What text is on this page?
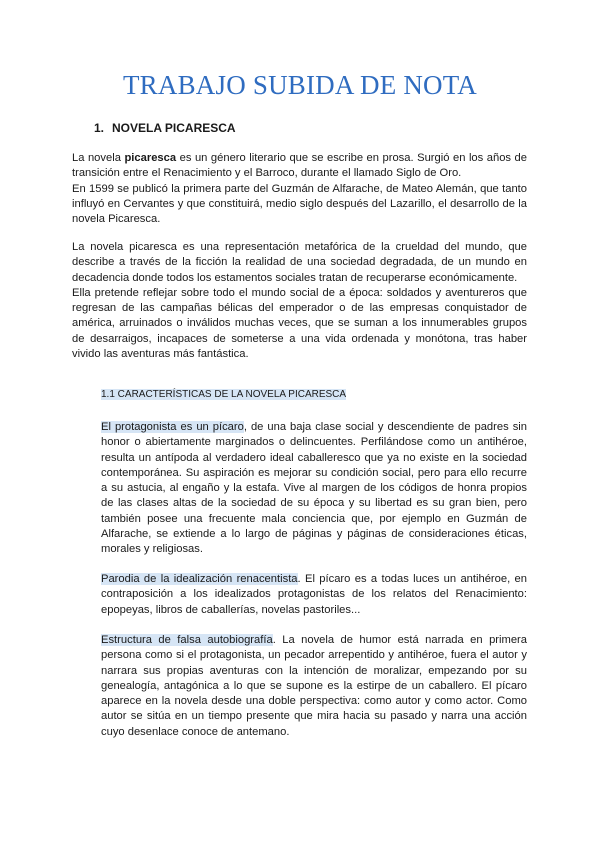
TRABAJO SUBIDA DE NOTA
1. NOVELA PICARESCA

La novela picaresca es un género literario que se escribe en prosa. Surgió en los años de transición entre el Renacimiento y el Barroco, durante el llamado Siglo de Oro.

En 1599 se publicó la primera parte del Guzmán de Alfarache, de Mateo Alemán, que tanto influyó en Cervantes y que constituirá, medio siglo después del Lazarillo, el desarrollo de la novela Picaresca.

La novela picaresca es una representación metafórica de la crueldad del mundo, que describe a través de la ficción la realidad de una sociedad degradada, de un mundo en decadencia donde todos los estamentos sociales tratan de recuperarse económicamente.

Ella pretende reflejar sobre todo el mundo social de a época: soldados y aventureros que regresan de las campañas bélicas del emperador o de las empresas conquistador de américa, arruinados o inválidos muchas veces, que se suman a los innumerables grupos de desarraigos, incapaces de someterse a una vida ordenada y monótona, tras haber vivido las aventuras más fantástica.

1.1 CARACTERÍSTICAS DE LA NOVELA PICARESCA

El protagonista es un pícaro, de una baja clase social y descendiente de padres sin honor o abiertamente marginados o delincuentes. Perfilándose como un antihéroe, resulta un antípoda al verdadero ideal caballeresco que ya no existe en la sociedad contemporánea. Su aspiración es mejorar su condición social, pero para ello recurre a su astucia, al engaño y la estafa. Vive al margen de los códigos de honra propios de las clases altas de la sociedad de su época y su libertad es su gran bien, pero también posee una frecuente mala conciencia que, por ejemplo en Guzmán de Alfarache, se extiende a lo largo de páginas y páginas de consideraciones éticas, morales y religiosas.

Parodia de la idealización renacentista. El pícaro es a todas luces un antihéroe, en contraposición a los idealizados protagonistas de los relatos del Renacimiento: epopeyas, libros de caballerías, novelas pastoriles...

Estructura de falsa autobiografía. La novela de humor está narrada en primera persona como si el protagonista, un pecador arrepentido y antihéroe, fuera el autor y narrara sus propias aventuras con la intención de moralizar, empezando por su genealogía, antagónica a lo que se supone es la estirpe de un caballero. El pícaro aparece en la novela desde una doble perspectiva: como autor y como actor. Como autor se sitúa en un tiempo presente que mira hacia su pasado y narra una acción cuyo desenlace conoce de antemano.
